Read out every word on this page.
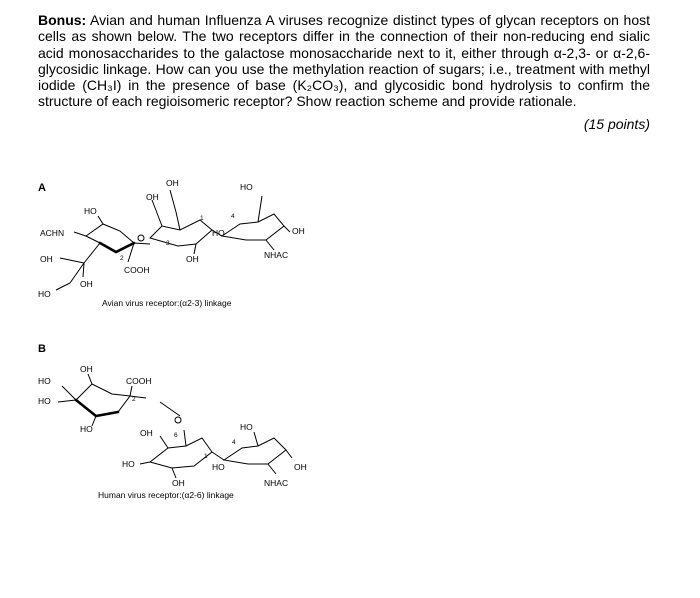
Bonus: Avian and human Influenza A viruses recognize distinct types of glycan receptors on host cells as shown below. The two receptors differ in the connection of their non-reducing end sialic acid monosaccharides to the galactose monosaccharide next to it, either through α-2,3- or α-2,6-glycosidic linkage. How can you use the methylation reaction of sugars; i.e., treatment with methyl iodide (CH₃I) in the presence of base (K₂CO₃), and glycosidic bond hydrolysis to confirm the structure of each regioisomeric receptor? Show reaction scheme and provide rationale.
(15 points)
A
2
ACHN
HO
OH
HO
OH
COOH
3
1
OH
OH
OH
4
HO
HO	OH
NHAC
Avian virus receptor:(α2-3) linkage
B
2
OH
HO
HO
COOH
HO
6
1
OH
HO
OH
4
HO
HO	OH
NHAC
Human virus receptor:(α2-6) linkage
